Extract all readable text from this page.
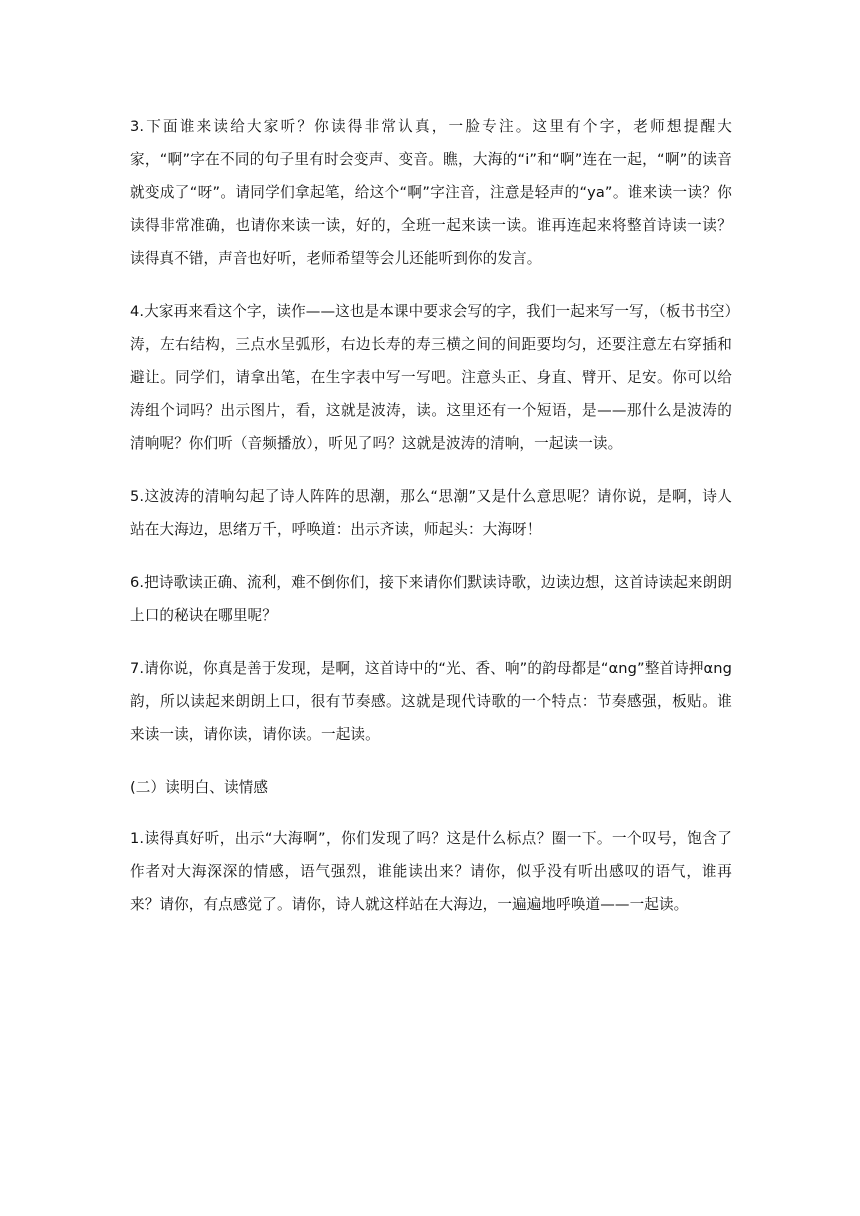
3.下面谁来读给大家听？你读得非常认真，一脸专注。这里有个字，老师想提醒大家，“啊”字在不同的句子里有时会变声、变音。瞧，大海的“i”和“啊”连在一起，“啊”的读音就变成了“呀”。请同学们拿起笔，给这个“啊”字注音，注意是轻声的“ya”。谁来读一读？你读得非常准确，也请你来读一读，好的，全班一起来读一读。谁再连起来将整首诗读一读？读得真不错，声音也好听，老师希望等会儿还能听到你的发言。

4.大家再来看这个字，读作——这也是本课中要求会写的字，我们一起来写一写，（板书书空）涛，左右结构，三点水呈弧形，右边长寿的寿三横之间的间距要均匀，还要注意左右穿插和避让。同学们，请拿出笔，在生字表中写一写吧。注意头正、身直、臂开、足安。你可以给涛组个词吗？出示图片，看，这就是波涛，读。这里还有一个短语，是——那什么是波涛的清响呢？你们听（音频播放），听见了吗？这就是波涛的清响，一起读一读。

5.这波涛的清响勾起了诗人阵阵的思潮，那么“思潮”又是什么意思呢？请你说，是啊，诗人站在大海边，思绪万千，呼唤道：出示齐读，师起头：大海呀！

6.把诗歌读正确、流利，难不倒你们，接下来请你们默读诗歌，边读边想，这首诗读起来朗朗上口的秘诀在哪里呢？

7.请你说，你真是善于发现，是啊，这首诗中的“光、香、响”的韵母都是“αng”整首诗押αng韵，所以读起来朗朗上口，很有节奏感。这就是现代诗歌的一个特点：节奏感强，板贴。谁来读一读，请你读，请你读。一起读。

(二）读明白、读情感

1.读得真好听，出示“大海啊”，你们发现了吗？这是什么标点？圈一下。一个叹号，饱含了作者对大海深深的情感，语气强烈，谁能读出来？请你，似乎没有听出感叹的语气，谁再来？请你，有点感觉了。请你，诗人就这样站在大海边，一遍遍地呼唤道——一起读。
